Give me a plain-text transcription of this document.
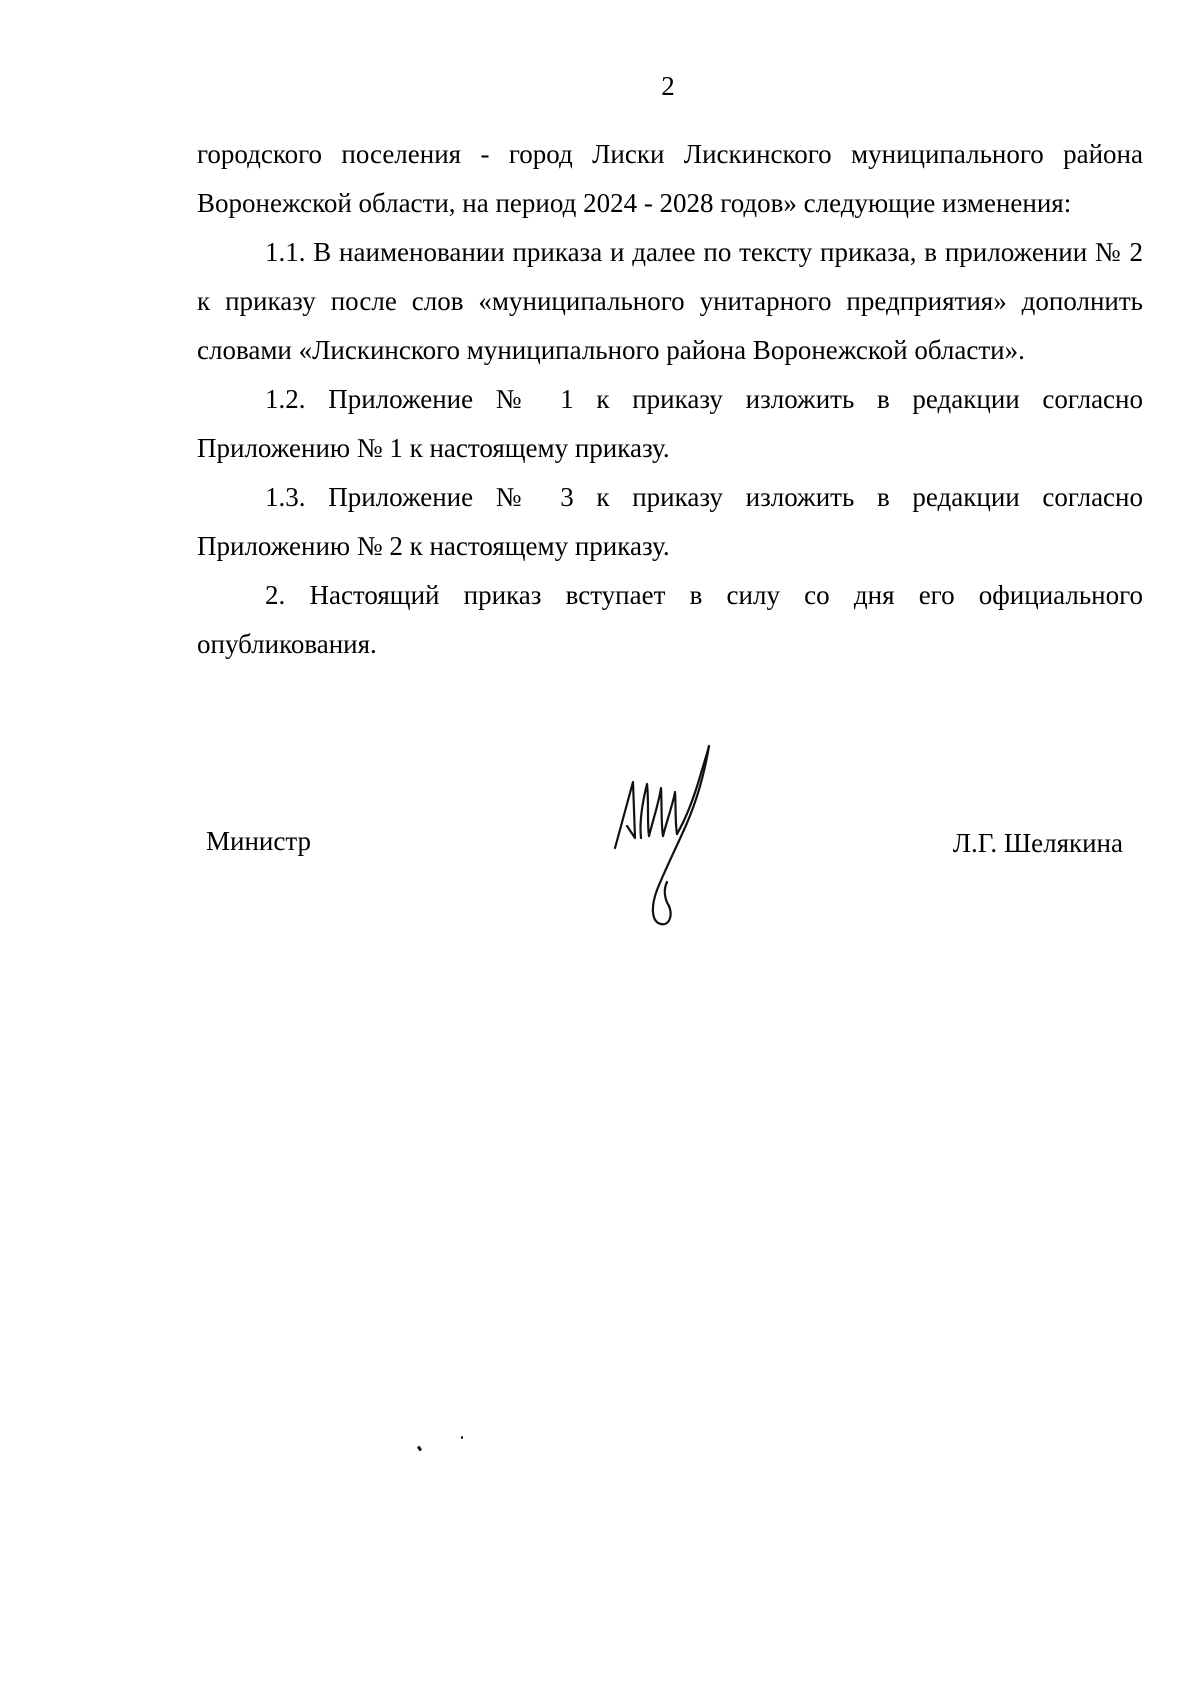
2

городского поселения - город Лиски Лискинского муниципального района Воронежской области, на период 2024 - 2028 годов» следующие изменения:

1.1. В наименовании приказа и далее по тексту приказа, в приложении № 2 к приказу после слов «муниципального унитарного предприятия» дополнить словами «Лискинского муниципального района Воронежской области».

1.2. Приложение № 1 к приказу изложить в редакции согласно Приложению № 1 к настоящему приказу.

1.3. Приложение № 3 к приказу изложить в редакции согласно Приложению № 2 к настоящему приказу.

2. Настоящий приказ вступает в силу со дня его официального опубликования.

Министр	Л.Г. Шелякина
